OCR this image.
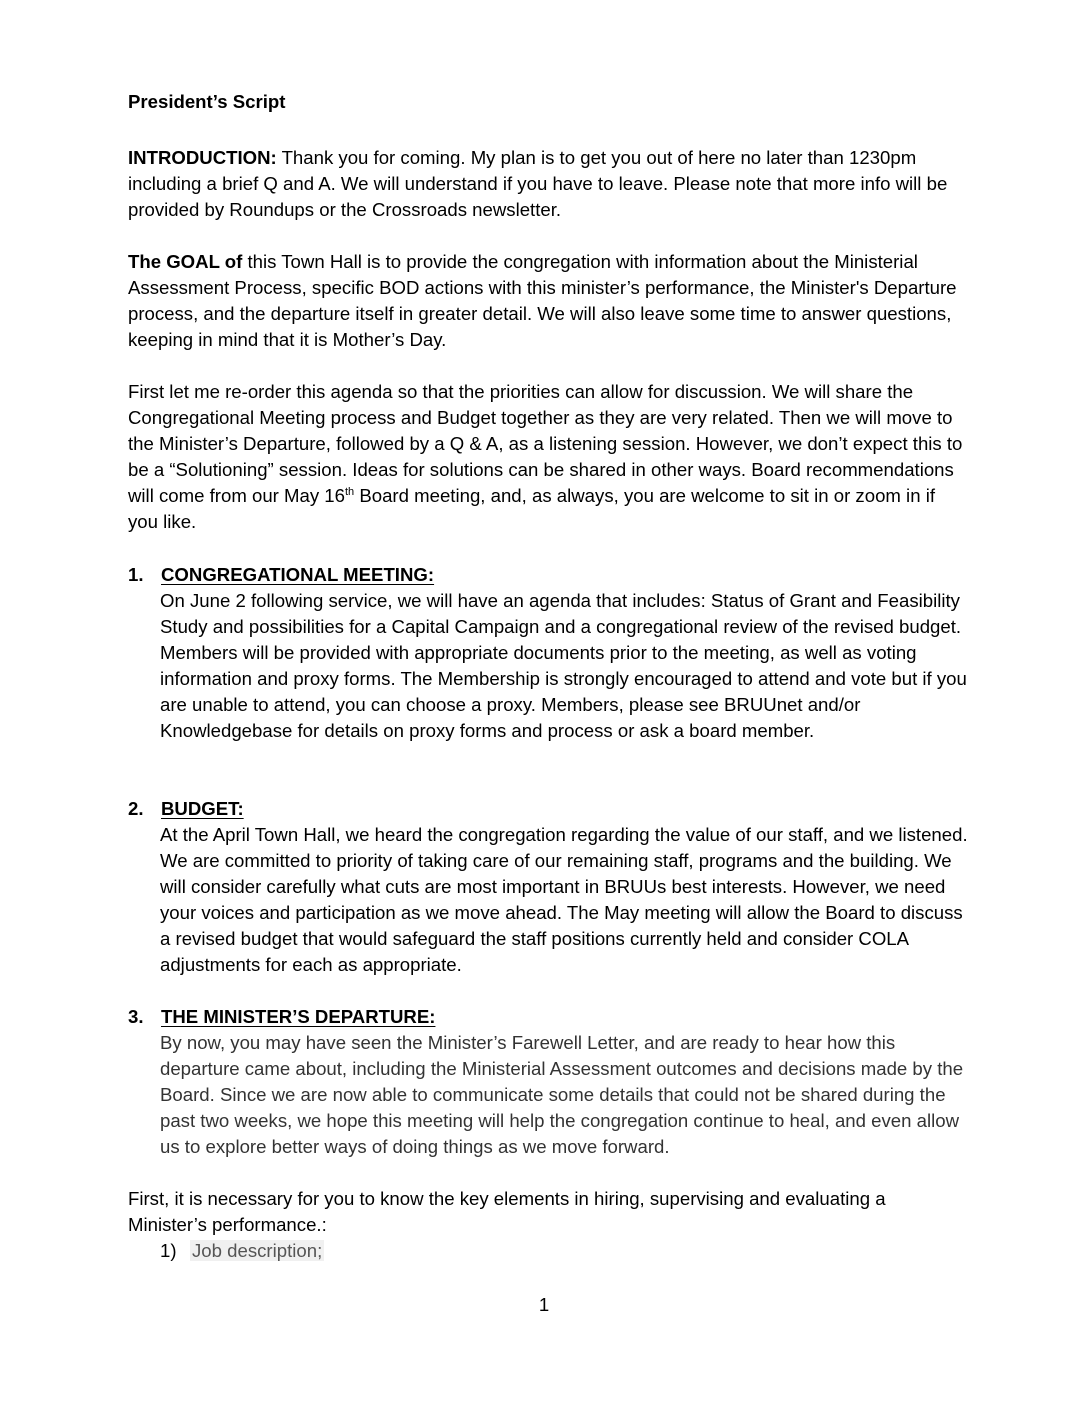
President’s Script

INTRODUCTION: Thank you for coming. My plan is to get you out of here no later than 1230pm including a brief Q and A. We will understand if you have to leave. Please note that more info will be provided by Roundups or the Crossroads newsletter.

The GOAL of this Town Hall is to provide the congregation with information about the Ministerial Assessment Process, specific BOD actions with this minister’s performance, the Minister's Departure process, and the departure itself in greater detail. We will also leave some time to answer questions, keeping in mind that it is Mother’s Day.

First let me re-order this agenda so that the priorities can allow for discussion. We will share the Congregational Meeting process and Budget together as they are very related. Then we will move to the Minister’s Departure, followed by a Q & A, as a listening session. However, we don’t expect this to be a “Solutioning” session. Ideas for solutions can be shared in other ways. Board recommendations will come from our May 16th Board meeting, and, as always, you are welcome to sit in or zoom in if you like.

1. CONGREGATIONAL MEETING:

On June 2 following service, we will have an agenda that includes: Status of Grant and Feasibility Study and possibilities for a Capital Campaign and a congregational review of the revised budget. Members will be provided with appropriate documents prior to the meeting, as well as voting information and proxy forms. The Membership is strongly encouraged to attend and vote but if you are unable to attend, you can choose a proxy. Members, please see BRUUnet and/or Knowledgebase for details on proxy forms and process or ask a board member.

2. BUDGET:

At the April Town Hall, we heard the congregation regarding the value of our staff, and we listened. We are committed to priority of taking care of our remaining staff, programs and the building. We will consider carefully what cuts are most important in BRUUs best interests. However, we need your voices and participation as we move ahead. The May meeting will allow the Board to discuss a revised budget that would safeguard the staff positions currently held and consider COLA adjustments for each as appropriate.

3. THE MINISTER’S DEPARTURE:

By now, you may have seen the Minister’s Farewell Letter, and are ready to hear how this departure came about, including the Ministerial Assessment outcomes and decisions made by the Board. Since we are now able to communicate some details that could not be shared during the past two weeks, we hope this meeting will help the congregation continue to heal, and even allow us to explore better ways of doing things as we move forward.

First, it is necessary for you to know the key elements in hiring, supervising and evaluating a Minister’s performance.:

1) Job description;
1
